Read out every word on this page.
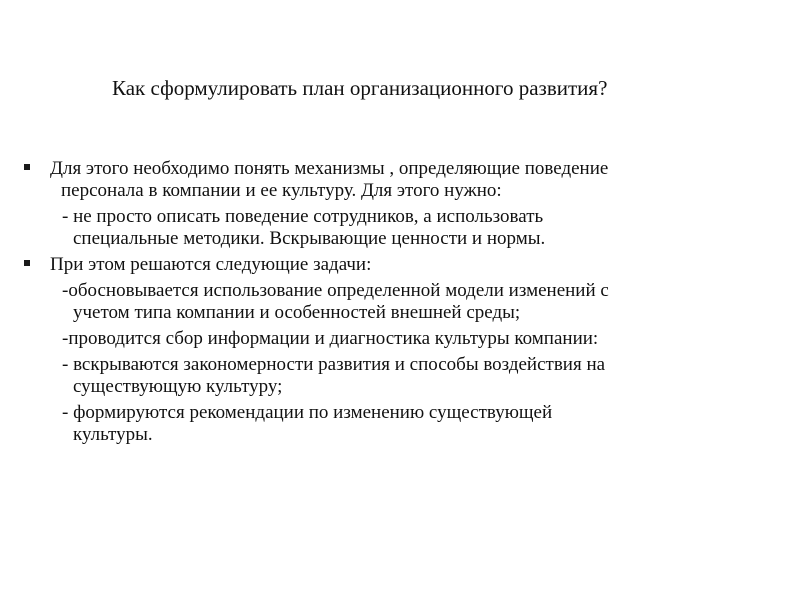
Как сформулировать план организационного развития?
Для этого необходимо понять механизмы , определяющие поведение
персонала в компании и ее культуру. Для этого нужно:
- не просто описать поведение сотрудников, а использовать
специальные методики. Вскрывающие ценности и нормы.
При этом решаются следующие задачи:
-обосновывается использование определенной модели изменений с
учетом типа компании и особенностей внешней среды;
-проводится сбор информации и диагностика культуры компании:
- вскрываются закономерности развития и способы воздействия на
существующую культуру;
- формируются рекомендации по изменению существующей
культуры.
